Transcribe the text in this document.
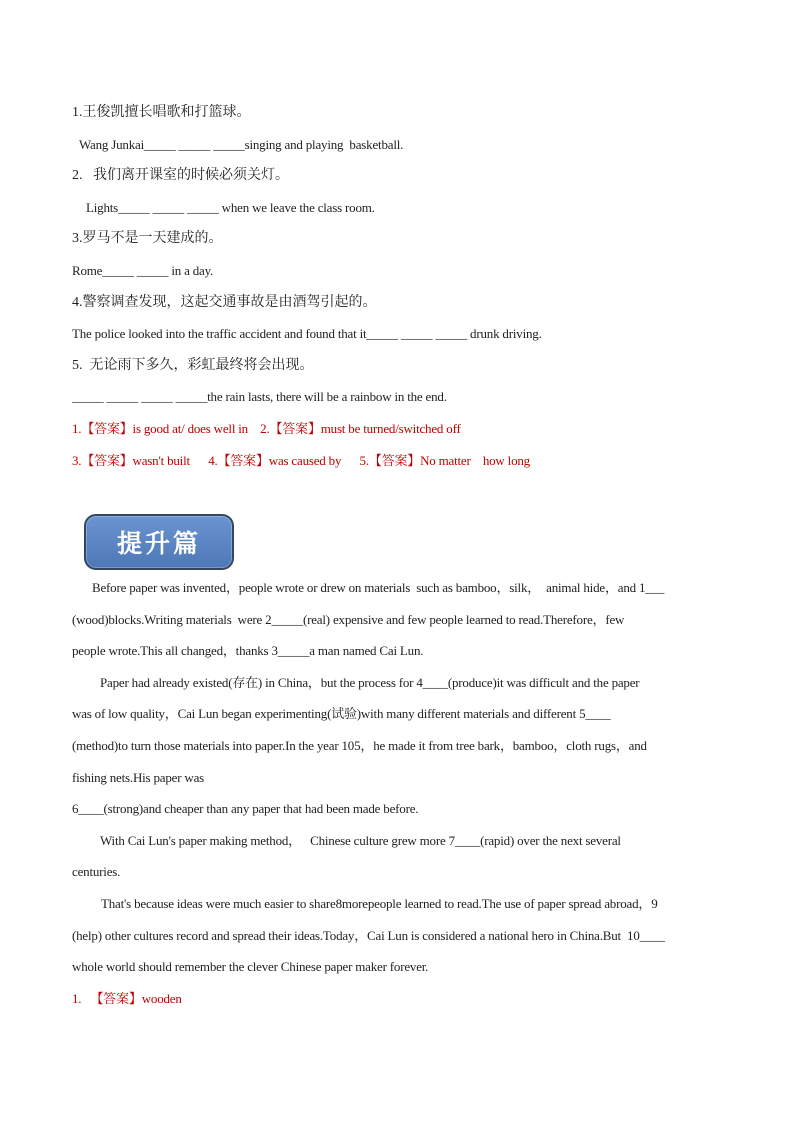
1.王俊凯擅长唱歌和打篮球。
Wang Junkai_____ _____ _____singing and playing  basketball.
2.   我们离开课室的时候必须关灯。
Lights_____ _____ _____ when we leave the class room.
3.罗马不是一天建成的。
Rome_____ _____ in a day.
4.警察调查发现，这起交通事故是由酒驾引起的。
The police looked into the traffic accident and found that it_____ _____ _____ drunk driving.
5.  无论雨下多久，彩虹最终将会出现。
_____ _____ _____ _____the rain lasts, there will be a rainbow in the end.
1.【答案】is good at/ does well in    2.【答案】must be turned/switched off
3.【答案】wasn't built      4.【答案】was caused by      5.【答案】No matter    how long
提升篇
Before paper was invented，people wrote or drew on materials  such as bamboo，silk，  animal hide，and 1___
(wood)blocks.Writing materials  were 2_____(real) expensive and few people learned to read.Therefore，few
people wrote.This all changed，thanks 3_____a man named Cai Lun.
Paper had already existed(存在) in China，but the process for 4____(produce)it was difficult and the paper
was of low quality，Cai Lun began experimenting(试验)with many different materials and different 5____
(method)to turn those materials into paper.In the year 105，he made it from tree bark，bamboo，cloth rugs，and
fishing nets.His paper was
6____(strong)and cheaper than any paper that had been made before.
With Cai Lun's paper making method，   Chinese culture grew more 7____(rapid) over the next several
centuries.
That's because ideas were much easier to share8morepeople learned to read.The use of paper spread abroad，9
(help) other cultures record and spread their ideas.Today，Cai Lun is considered a national hero in China.But  10____
whole world should remember the clever Chinese paper maker forever.
1.   【答案】wooden
